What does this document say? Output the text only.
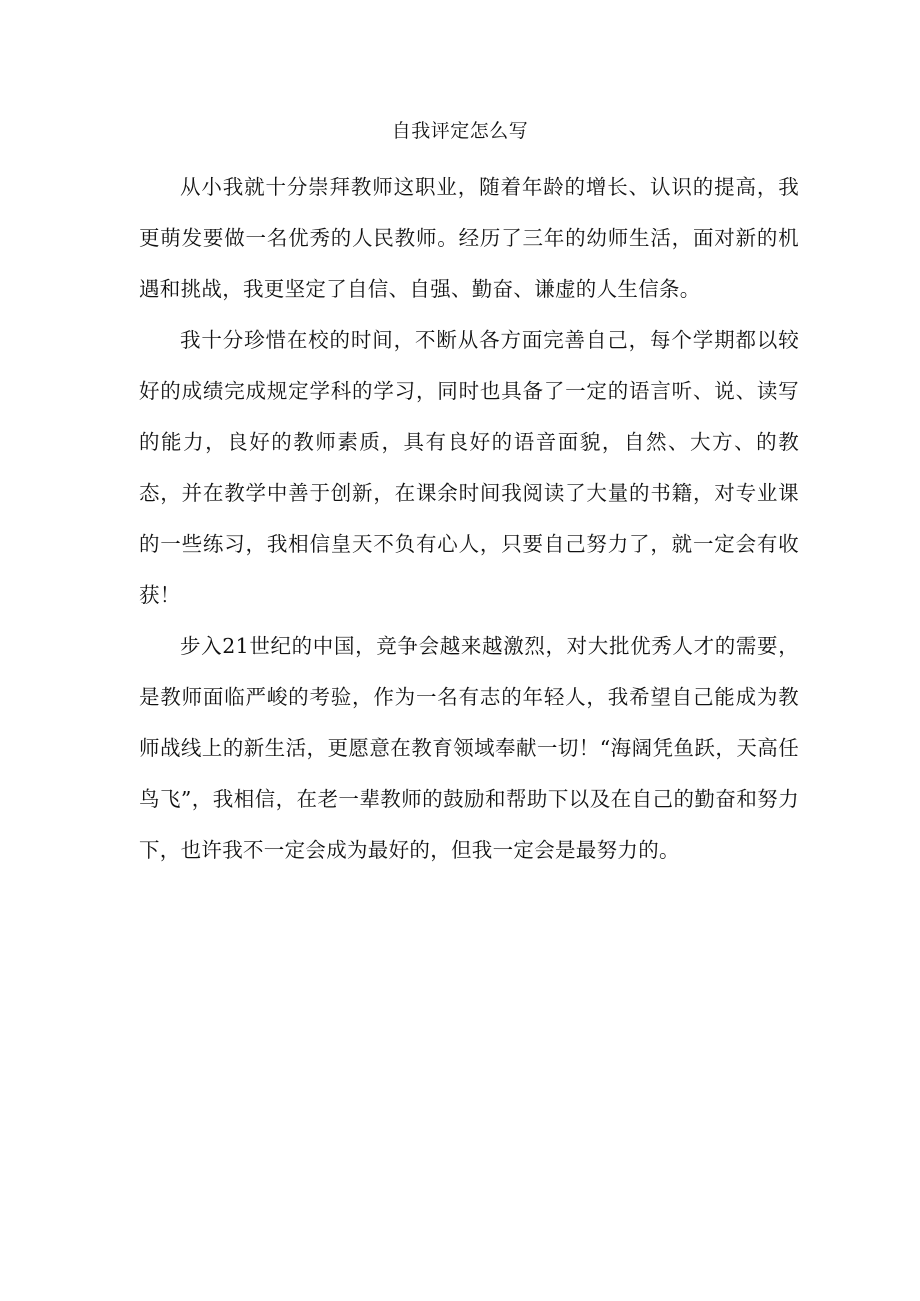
自我评定怎么写

从小我就十分崇拜教师这职业，随着年龄的增长、认识的提高，我更萌发要做一名优秀的人民教师。经历了三年的幼师生活，面对新的机遇和挑战，我更坚定了自信、自强、勤奋、谦虚的人生信条。

我十分珍惜在校的时间，不断从各方面完善自己，每个学期都以较好的成绩完成规定学科的学习，同时也具备了一定的语言听、说、读写的能力，良好的教师素质，具有良好的语音面貌，自然、大方、的教态，并在教学中善于创新，在课余时间我阅读了大量的书籍，对专业课的一些练习，我相信皇天不负有心人，只要自己努力了，就一定会有收获！

步入21世纪的中国，竞争会越来越激烈，对大批优秀人才的需要，是教师面临严峻的考验，作为一名有志的年轻人，我希望自己能成为教师战线上的新生活，更愿意在教育领域奉献一切！“海阔凭鱼跃，天高任鸟飞”，我相信，在老一辈教师的鼓励和帮助下以及在自己的勤奋和努力下，也许我不一定会成为最好的，但我一定会是最努力的。
